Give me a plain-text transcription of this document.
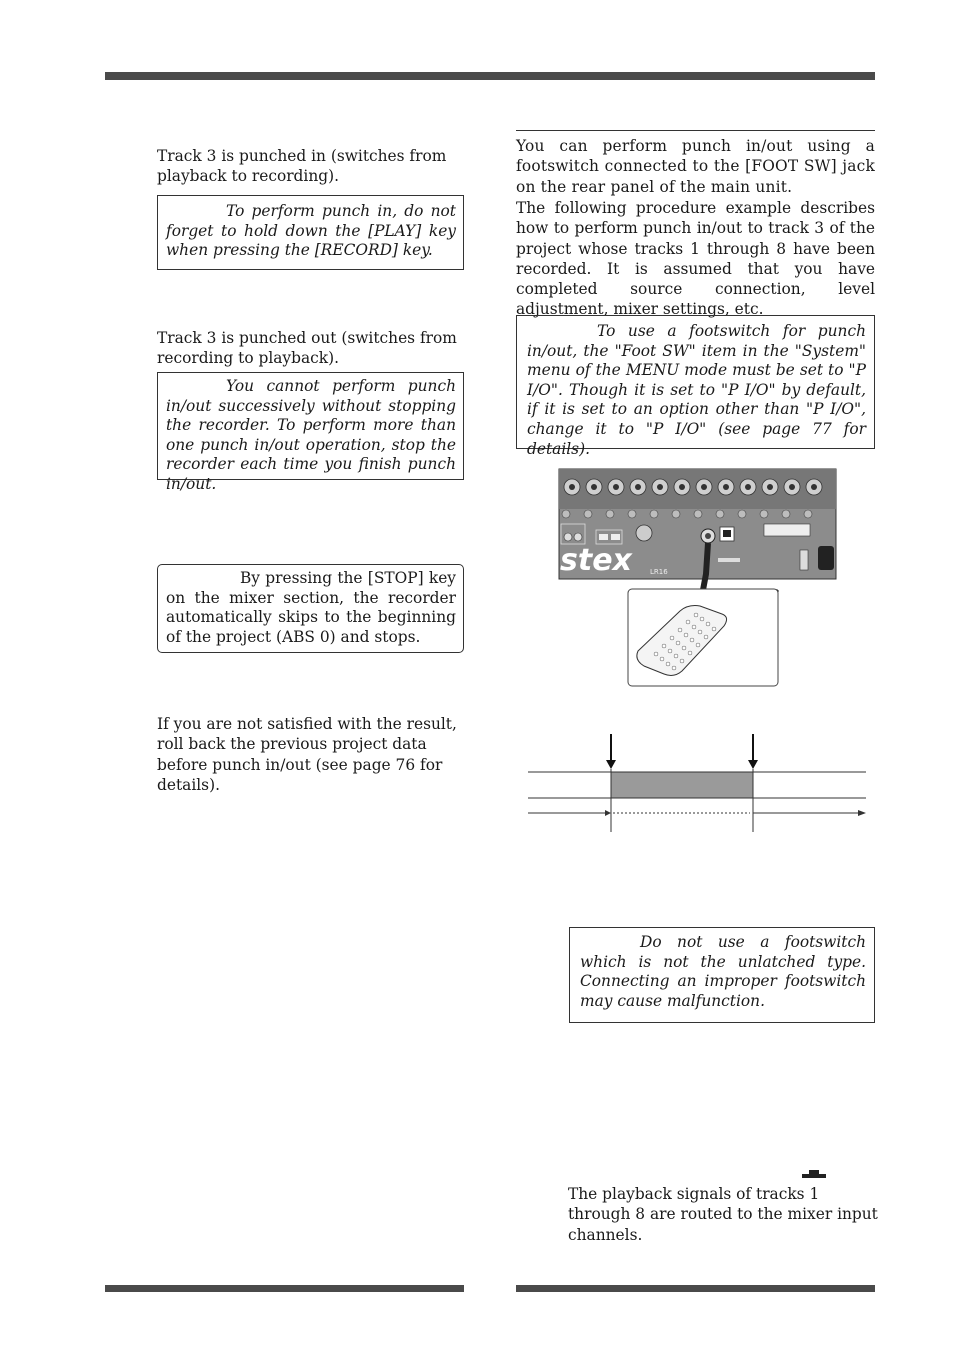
Track 3 is punched in (switches from playback to recording).
To perform punch in, do not forget to hold down the [PLAY] key when pressing the [RECORD] key.
Track 3 is punched out (switches from recording to playback).
You cannot perform punch in/out successively without stopping the recorder. To perform more than one punch in/out operation, stop the recorder each time you finish punch in/out.
By pressing the [STOP] key on the mixer section, the recorder automatically skips to the beginning of the project (ABS 0) and stops.
If you are not satisfied with the result, roll back the previous project data before punch in/out (see page 76 for details).
You can perform punch in/out using a footswitch connected to the [FOOT SW] jack on the rear panel of the main unit.
The following procedure example describes how to perform punch in/out to track 3 of the project whose tracks 1 through 8 have been recorded. It is assumed that you have completed source connection, level adjustment, mixer settings, etc.
To use a footswitch for punch in/out, the "Foot SW" item in the "System" menu of the MENU mode must be set to "P I/O". Though it is set to "P I/O" by default, if it is set to an option other than "P I/O", change it to "P I/O" (see page 77 for details).
stex	LR16
Do not use a footswitch which is not the unlatched type. Connecting an improper footswitch may cause malfunction.
The playback signals of tracks 1 through 8 are routed to the mixer input channels.
